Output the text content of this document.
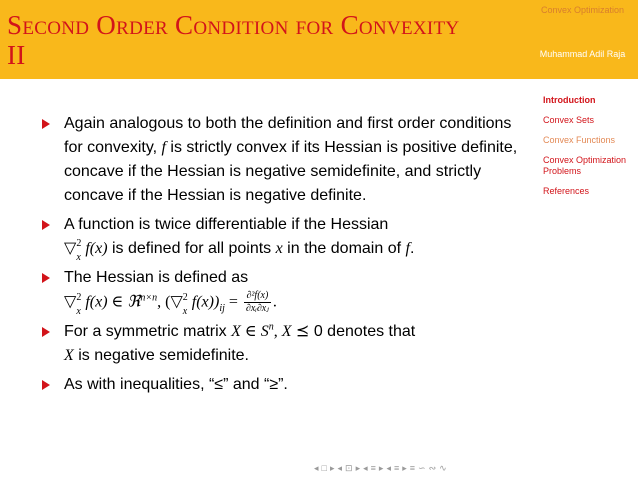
Second Order Condition for Convexity
II
Convex Optimization
Muhammad Adil Raja
Introduction
Convex Sets
Convex Functions
Convex Optimization Problems
References
Again analogous to both the definition and first order conditions for convexity, f is strictly convex if its Hessian is positive definite, concave if the Hessian is negative semidefinite, and strictly concave if the Hessian is negative definite.
A function is twice differentiable if the Hessian
▽ 2
x
f(x) is defined for all points x in the domain of f.
The Hessian is defined as
▽ 2
x
f(x) ∈ ℜ$^{n\times n}$, (▽ 2
x
$f(x))_{ij} = \frac{\text{∂²f(x)}}{\text{∂xᵢ∂xⱼ}}$ .
For a symmetric matrix X ∈ $S^n$, X ⪯ 0 denotes that
X is negative semidefinite.
As with inequalities, “≤” and “≥”.
◂ □ ▸ ◂ ⊡ ▸ ◂ ≡ ▸ ◂ ≡ ▸ ≡ ∽ ∾ ∿
